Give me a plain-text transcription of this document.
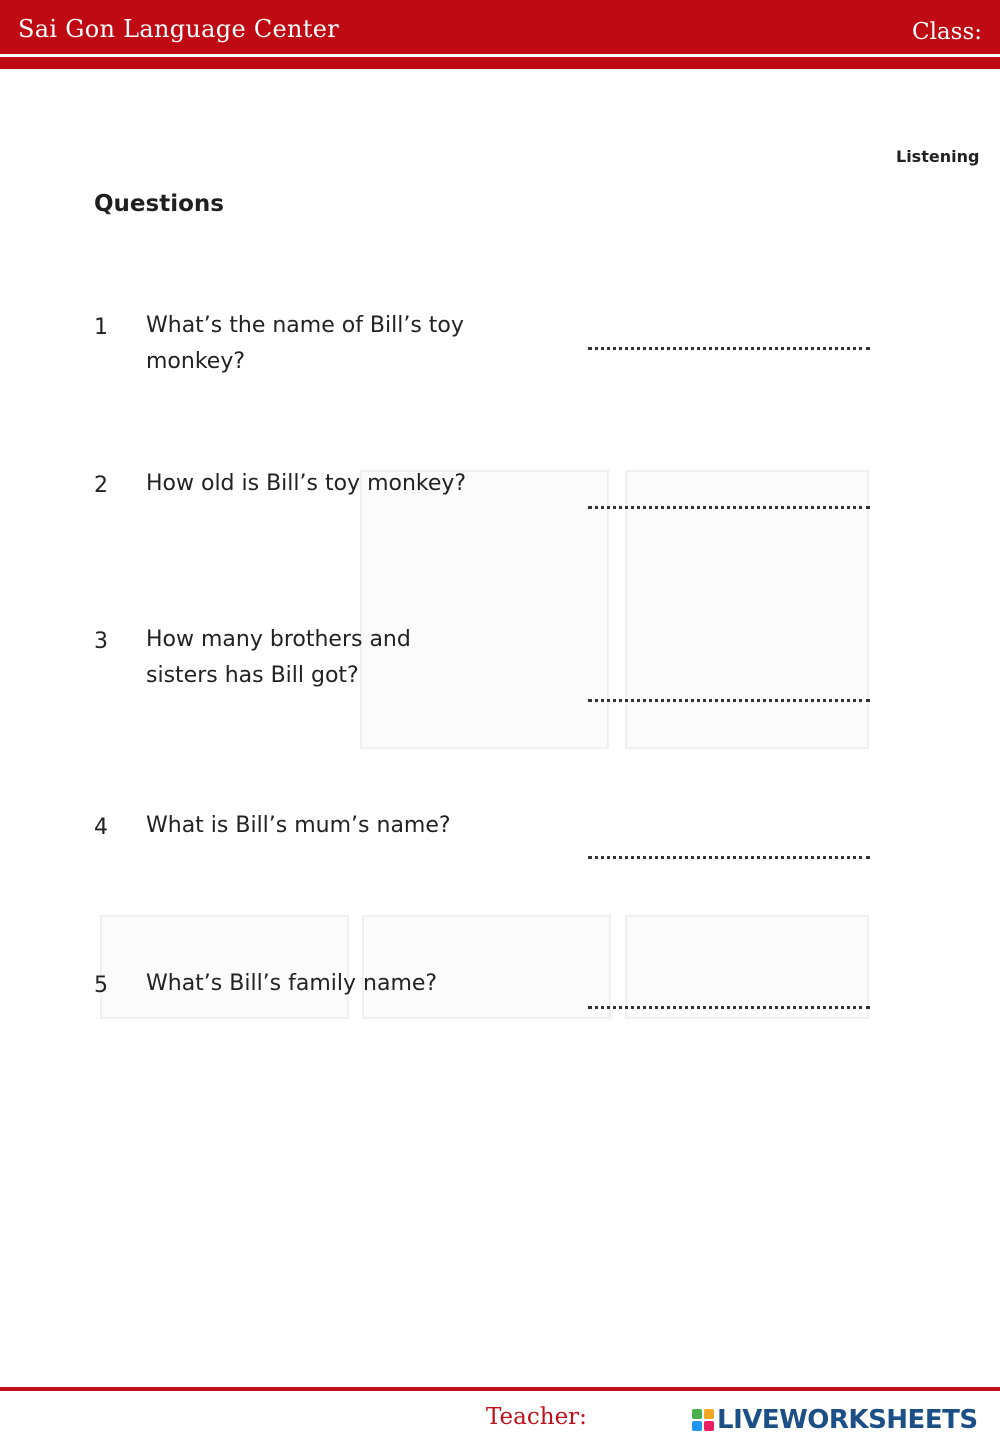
Sai Gon Language Center	Class:
Listening
Questions
1 What’s the name of Bill’s toy monkey?
2 How old is Bill’s toy monkey?
3 How many brothers and sisters has Bill got?
4 What is Bill’s mum’s name?
5 What’s Bill’s family name?
Teacher:	LIVEWORKSHEETS
